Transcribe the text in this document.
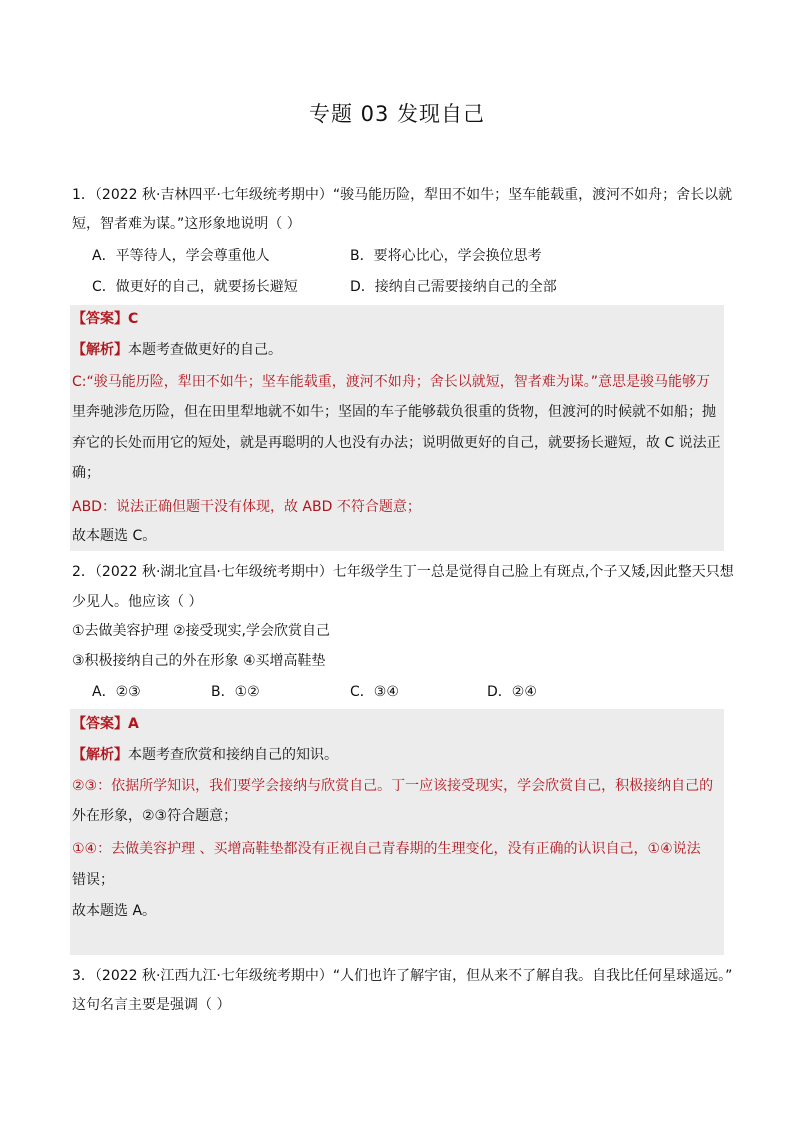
专题 03 发现自己
1．（2022 秋·吉林四平·七年级统考期中）“骏马能历险，犁田不如牛；坚车能载重，渡河不如舟；舍长以就
短，智者难为谋。”这形象地说明（ ）
A．平等待人，学会尊重他人	B．要将心比心，学会换位思考
C．做更好的自己，就要扬长避短	D．接纳自己需要接纳自己的全部
【答案】C
【解析】本题考查做更好的自己。
C:“骏马能历险，犁田不如牛；坚车能载重，渡河不如舟；舍长以就短，智者难为谋。”意思是骏马能够万
里奔驰涉危历险，但在田里犁地就不如牛；坚固的车子能够载负很重的货物，但渡河的时候就不如船；抛
弃它的长处而用它的短处，就是再聪明的人也没有办法；说明做更好的自己，就要扬长避短，故 C 说法正
确；
ABD：说法正确但题干没有体现，故 ABD 不符合题意；
故本题选 C。
2．（2022 秋·湖北宜昌·七年级统考期中）七年级学生丁一总是觉得自己脸上有斑点,个子又矮,因此整天只想
少见人。他应该（ ）
①去做美容护理 ②接受现实,学会欣赏自己
③积极接纳自己的外在形象 ④买增高鞋垫
A．②③	B．①②	C．③④	D．②④
【答案】A
【解析】本题考查欣赏和接纳自己的知识。
②③：依据所学知识，我们要学会接纳与欣赏自己。丁一应该接受现实，学会欣赏自己，积极接纳自己的
外在形象，②③符合题意；
①④：去做美容护理 、买增高鞋垫都没有正视自己青春期的生理变化，没有正确的认识自己，①④说法
错误；
故本题选 A。
3．（2022 秋·江西九江·七年级统考期中）“人们也许了解宇宙，但从来不了解自我。自我比任何星球遥远。”
这句名言主要是强调（ ）
